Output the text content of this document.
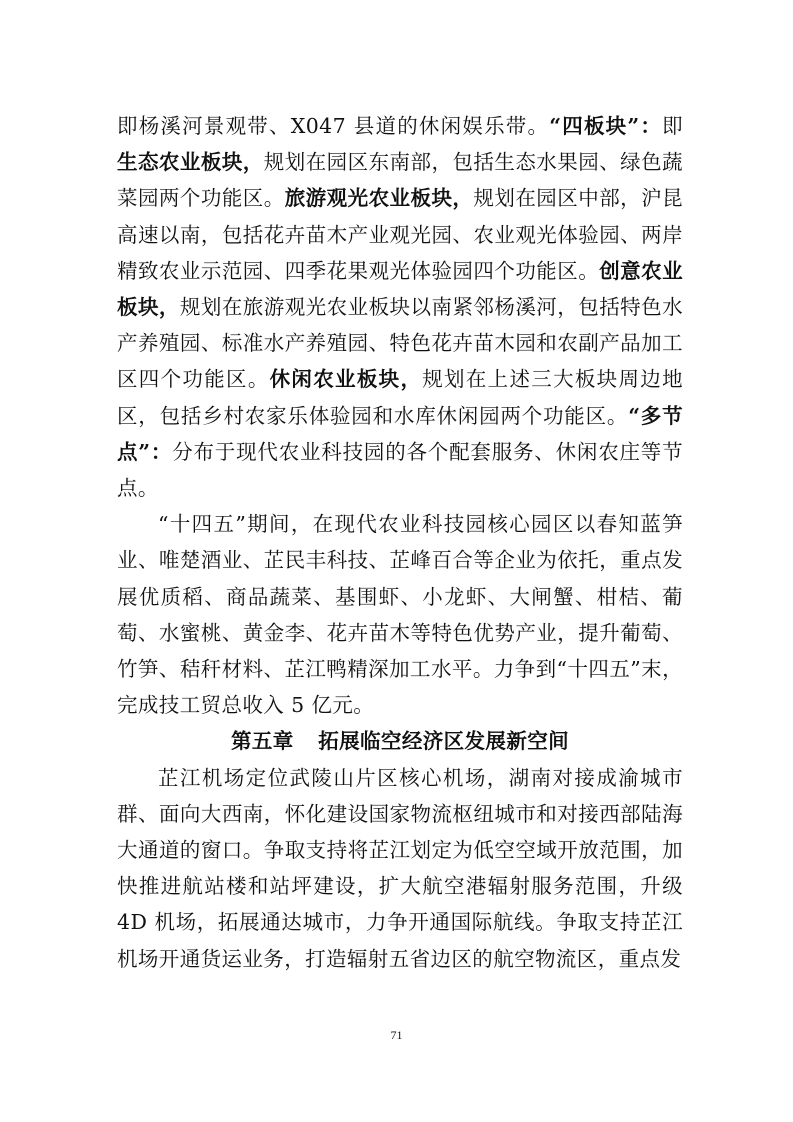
即杨溪河景观带、X047 县道的休闲娱乐带。“四板块”：即生态农业板块，规划在园区东南部，包括生态水果园、绿色蔬菜园两个功能区。旅游观光农业板块，规划在园区中部，沪昆高速以南，包括花卉苗木产业观光园、农业观光体验园、两岸精致农业示范园、四季花果观光体验园四个功能区。创意农业板块，规划在旅游观光农业板块以南紧邻杨溪河，包括特色水产养殖园、标准水产养殖园、特色花卉苗木园和农副产品加工区四个功能区。休闲农业板块，规划在上述三大板块周边地区，包括乡村农家乐体验园和水库休闲园两个功能区。“多节点”：分布于现代农业科技园的各个配套服务、休闲农庄等节点。

“十四五”期间，在现代农业科技园核心园区以春知蓝笋业、唯楚酒业、芷民丰科技、芷峰百合等企业为依托，重点发展优质稻、商品蔬菜、基围虾、小龙虾、大闸蟹、柑桔、葡萄、水蜜桃、黄金李、花卉苗木等特色优势产业，提升葡萄、竹笋、秸秆材料、芷江鸭精深加工水平。力争到“十四五”末，完成技工贸总收入 5 亿元。

第五章 拓展临空经济区发展新空间

芷江机场定位武陵山片区核心机场，湖南对接成渝城市群、面向大西南，怀化建设国家物流枢纽城市和对接西部陆海大通道的窗口。争取支持将芷江划定为低空空域开放范围，加快推进航站楼和站坪建设，扩大航空港辐射服务范围，升级 4D 机场，拓展通达城市，力争开通国际航线。争取支持芷江机场开通货运业务，打造辐射五省边区的航空物流区，重点发

71
